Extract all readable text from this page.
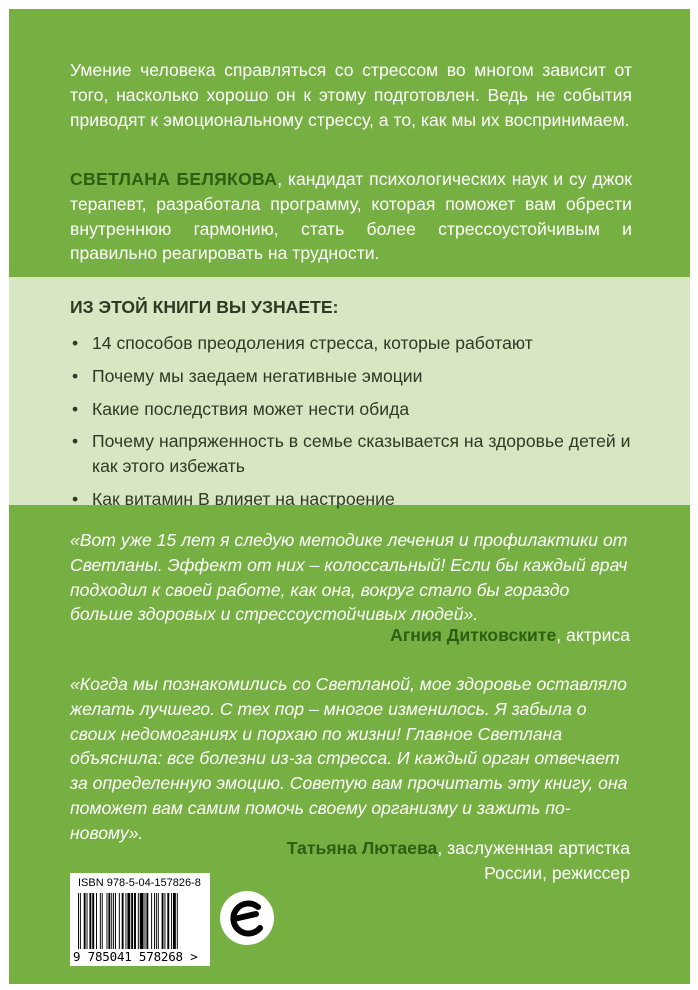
Умение человека справляться со стрессом во многом зависит от того, насколько хорошо он к этому подготовлен. Ведь не события приводят к эмоциональному стрессу, а то, как мы их воспринимаем.

СВЕТЛАНА БЕЛЯКОВА, кандидат психологических наук и су джок терапевт, разработала программу, которая поможет вам обрести внутреннюю гармонию, стать более стрессоустойчивым и правильно реагировать на трудности.

ИЗ ЭТОЙ КНИГИ ВЫ УЗНАЕТЕ:

• 14 способов преодоления стресса, которые работают
• Почему мы заедаем негативные эмоции
• Какие последствия может нести обида
• Почему напряженность в семье сказывается на здоровье детей и как этого избежать
• Как витамин B влияет на настроение

«Вот уже 15 лет я следую методике лечения и профилактики от Светланы. Эффект от них – колоссальный! Если бы каждый врач подходил к своей работе, как она, вокруг стало бы гораздо больше здоровых и стрессоустойчивых людей».

Агния Дитковските, актриса

«Когда мы познакомились со Светланой, мое здоровье оставляло желать лучшего. С тех пор – многое изменилось. Я забыла о своих недомоганиях и порхаю по жизни! Главное Светлана объяснила: все болезни из-за стресса. И каждый орган отвечает за определенную эмоцию. Советую вам прочитать эту книгу, она поможет вам самим помочь своему организму и зажить по-новому».

Татьяна Лютаева, заслуженная артистка России, режиссер

ISBN 978-5-04-157826-8

9 785041 578268 >
